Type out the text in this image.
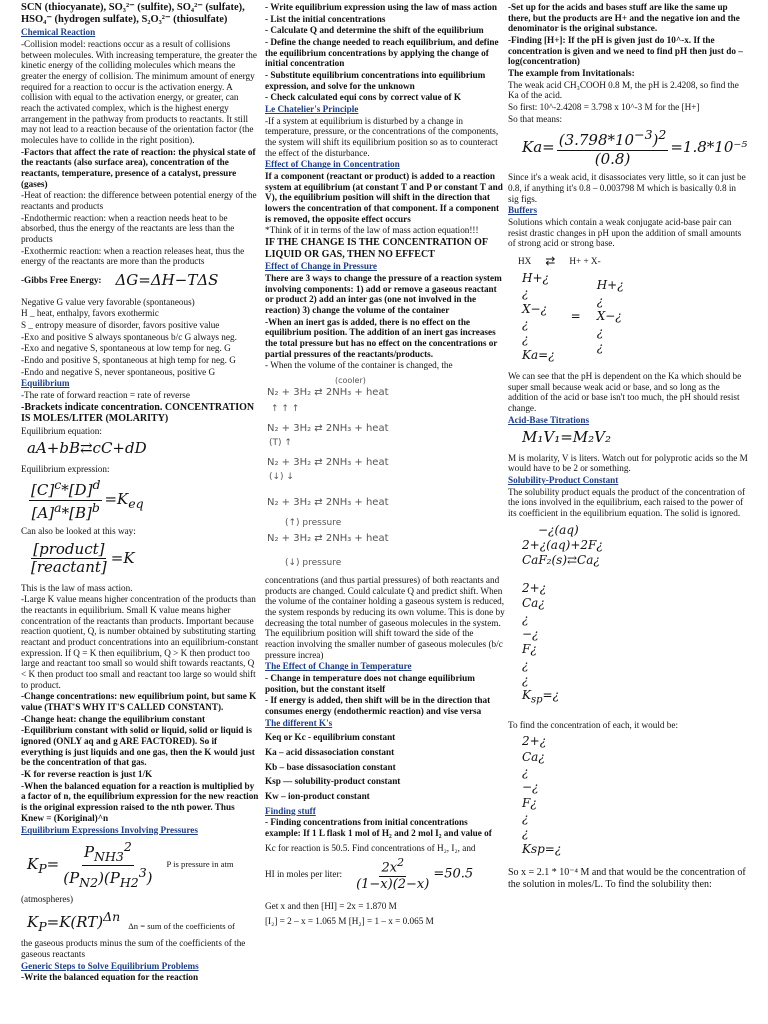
SCN (thiocyanate), SO₃²⁻ (sulfite), SO₄²⁻ (sulfate), HSO₄⁻ (hydrogen sulfate), S₂O₃²⁻ (thiosulfate)

Chemical Reaction

-Collision model: reactions occur as a result of collisions between molecules. With increasing temperature, the greater the kinetic energy of the colliding molecules which means the greater the energy of collision. The minimum amount of energy required for a reaction to occur is the activation energy. A collision with equal to the activation energy, or greater, can reach the activated complex, which is the highest energy arrangement in the pathway from products to reactants. It still may not lead to a reaction because of the orientation factor (the molecules have to collide in the right position).

-Factors that affect the rate of reaction: the physical state of the reactants (also surface area), concentration of the reactants, temperature, presence of a catalyst, pressure (gases)

-Heat of reaction: the difference between potential energy of the reactants and products

-Endothermic reaction: when a reaction needs heat to be absorbed, thus the energy of the reactants are less than the products

-Exothermic reaction: when a reaction releases heat, thus the energy of the reactants are more than the products

-Gibbs Free Energy: ΔG=ΔH−TΔS

Negative G value very favorable (spontaneous)

H _ heat, enthalpy, favors exothermic

S _ entropy measure of disorder, favors positive value

-Exo and positive S always spontaneous b/c G always neg.

-Exo and negative S, spontaneous at low temp for neg. G

-Endo and positive S, spontaneous at high temp for neg. G

-Endo and negative S, never spontaneous, positive G

Equilibrium

-The rate of forward reaction = rate of reverse

-Brackets indicate concentration. CONCENTRATION IS MOLES/LITER (MOLARITY)

Equilibrium equation:

aA+bB⇄cC+dD

Equilibrium expression:

$\frac{[C]^c*[D]^d}{[A]^a*[B]^b} =K_{eq}$

Can also be looked at this way:

$\frac{\text{[product]}}{\text{[reactant]}} =K$

This is the law of mass action.

-Large K value means higher concentration of the products than the reactants in equilibrium. Small K value means higher concentration of the reactants than products. Important because reaction quotient, Q, is number obtained by substituting starting reactant and product concentrations into an equilibrium-constant expression. If Q = K then equilibrium, Q > K then product too large and reactant too small so would shift towards reactants, Q < K then product too small and reactant too large so would shift to product.

-Change concentrations: new equilibrium point, but same K value (THAT'S WHY IT'S CALLED CONSTANT).

-Change heat: change the equilibrium constant

-Equilibrium constant with solid or liquid, solid or liquid is ignored (ONLY aq and g ARE FACTORED). So if everything is just liquids and one gas, then the K would just be the concentration of that gas.

-K for reverse reaction is just 1/K

-When the balanced equation for a reaction is multiplied by a factor of n, the equilibrium expression for the new reaction is the original expression raised to the nth power. Thus Knew = (Koriginal)^n

Equilibrium Expressions Involving Pressures

$K_P= \frac{P_{NH3}^2}{(P_{N2})(P_{H2}^3)}$ P is pressure in atm

(atmospheres)

$K_P=K(RT)^{\Delta n}$
Δn = sum of the coefficients of

the gaseous products minus the sum of the coefficients of the gaseous reactants

Generic Steps to Solve Equilibrium Problems

-Write the balanced equation for the reaction

- Write equilibrium expression using the law of mass action

- List the initial concentrations

- Calculate Q and determine the shift of the equilibrium

- Define the change needed to reach equilibrium, and define the equilibrium concentrations by applying the change of initial concentration

- Substitute equilibrium concentrations into equilibrium expression, and solve for the unknown

- Check calculated equi cons by correct value of K

Le Chatelier's Principle

-If a system at equilibrium is disturbed by a change in temperature, pressure, or the concentrations of the components, the system will shift its equilibrium position so as to counteract the effect of the disturbance.

Effect of Change in Concentration

If a component (reactant or product) is added to a reaction system at equilibrium (at constant T and P or constant T and V), the equilibrium position will shift in the direction that lowers the concentration of that component. If a component is removed, the opposite effect occurs

*Think of it in terms of the law of mass action equation!!!

IF THE CHANGE IS THE CONCENTRATION OF LIQUID OR GAS, THEN NO EFFECT

Effect of Change in Pressure

There are 3 ways to change the pressure of a reaction system involving components: 1) add or remove a gaseous reactant or product 2) add an inter gas (one not involved in the reaction) 3) change the volume of the container

-When an inert gas is added, there is no effect on the equilibrium position. The addition of an inert gas increases the total pressure but has no effect on the concentrations or partial pressures of the reactants/products.

- When the volume of the container is changed, the

(cooler)
N₂ + 3H₂ ⇄ 2NH₃ + heat
↑ ↑ ↑
N₂ + 3H₂ ⇄ 2NH₃ + heat
(T) ↑
N₂ + 3H₂ ⇄ 2NH₃ + heat
(↓) ↓
N₂ + 3H₂ ⇄ 2NH₃ + heat
(↑) pressure
N₂ + 3H₂ ⇄ 2NH₃ + heat
(↓) pressure

concentrations (and thus partial pressures) of both reactants and products are changed. Could calculate Q and predict shift. When the volume of the container holding a gaseous system is reduced, the system responds by reducing its own volume. This is done by decreasing the total number of gaseous molecules in the system. The equilibrium position will shift toward the side of the reaction involving the smaller number of gaseous molecules (b/c pressure increa)

The Effect of Change in Temperature

- Change in temperature does not change equilibrium position, but the constant itself

- If energy is added, then shift will be in the direction that consumes energy (endothermic reaction) and vise versa

The different K's

Keq or Kc - equilibrium constant

Ka – acid dissasociation constant

Kb – base dissasociation constant

Ksp — solubility-product constant

Kw – ion-product constant

Finding stuff

- Finding concentrations from initial concentrations example: If 1 L flask 1 mol of H₂ and 2 mol I₂ and value of

Kc for reaction is 50.5. Find concentrations of H₂, I₂, and

HI in moles per liter: $\frac{2x^2}{(1-x)(2-x)} =50.5$

Get x and then [HI] = 2x = 1.870 M

[I₂] = 2 – x = 1.065 M [H₂] = 1 – x = 0.065 M

-Set up for the acids and bases stuff are like the same up there, but the products are H+ and the negative ion and the denominator is the original substance.

-Finding [H+]: If the pH is given just do 10^-x. If the concentration is given and we need to find pH then just do –log(concentration)

The example from Invitationals:

The weak acid CH₃COOH 0.8 M, the pH is 2.4208, so find the Ka of the acid.

So first: 10^-2.4208 = 3.798 x 10^-3 M for the [H+]

So that means:

$Ka= \frac{(3.798*10^{-3})^2}{(0.8)} =1.8*10^{-5}$

Since it's a weak acid, it disassociates very little, so it can just be 0.8, if anything it's 0.8 – 0.003798 M which is basically 0.8 in sig figs.

Buffers

Solutions which contain a weak conjugate acid-base pair can resist drastic changes in pH upon the addition of small amounts of strong acid or strong base.

HX ⇄ H+ + X-
H+¿
¿
X−¿
¿
¿
Ka=¿
=
H+¿
¿
X−¿
¿
¿

We can see that the pH is dependent on the Ka which should be super small because weak acid or base, and so long as the addition of the acid or base isn't too much, the pH should resist change.

Acid-Base Titrations

M₁V₁=M₂V₂

M is molarity, V is liters. Watch out for polyprotic acids so the M would have to be 2 or something.

Solubility-Product Constant

The solubility product equals the product of the concentration of the ions involved in the equilibrium, each raised to the power of its coefficient in the equilibrium equation. The solid is ignored.

−¿(aq)
2+¿(aq)+2F¿
CaF₂(s)⇄Ca¿
2+¿
Ca¿
¿
−¿
F¿
¿
¿
$K_{sp}=¿$

To find the concentration of each, it would be:

2+¿
Ca¿
¿
−¿
F¿
¿
¿
Ksp=¿

So x = 2.1 * 10⁻⁴ M and that would be the concentration of the solution in moles/L. To find the solubility then:
